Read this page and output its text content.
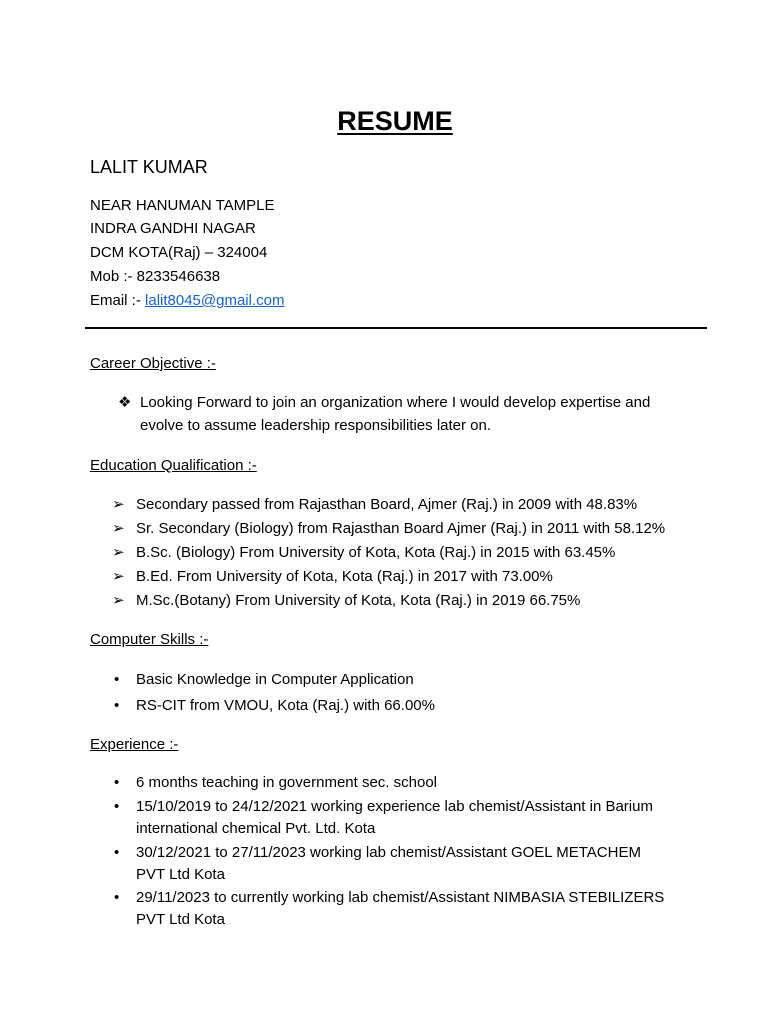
RESUME
LALIT KUMAR
NEAR HANUMAN TAMPLE
INDRA GANDHI NAGAR
DCM KOTA(Raj) – 324004
Mob :- 8233546638
Email :- lalit8045@gmail.com
Career Objective :-
❖ Looking Forward to join an organization where I would develop expertise and
evolve to assume leadership responsibilities later on.
Education Qualification :-
➢ Secondary passed from Rajasthan Board, Ajmer (Raj.) in 2009 with 48.83%
➢ Sr. Secondary (Biology) from Rajasthan Board Ajmer (Raj.) in 2011 with 58.12%
➢ B.Sc. (Biology) From University of Kota, Kota (Raj.) in 2015 with 63.45%
➢ B.Ed. From University of Kota, Kota (Raj.) in 2017 with 73.00%
➢ M.Sc.(Botany) From University of Kota, Kota (Raj.) in 2019 66.75%
Computer Skills :-
• Basic Knowledge in Computer Application
• RS-CIT from VMOU, Kota (Raj.) with 66.00%
Experience :-
• 6 months teaching in government sec. school
• 15/10/2019 to 24/12/2021 working experience lab chemist/Assistant in Barium
international chemical Pvt. Ltd. Kota
• 30/12/2021 to 27/11/2023 working lab chemist/Assistant GOEL METACHEM
PVT Ltd Kota
• 29/11/2023 to currently working lab chemist/Assistant NIMBASIA STEBILIZERS
PVT Ltd Kota
